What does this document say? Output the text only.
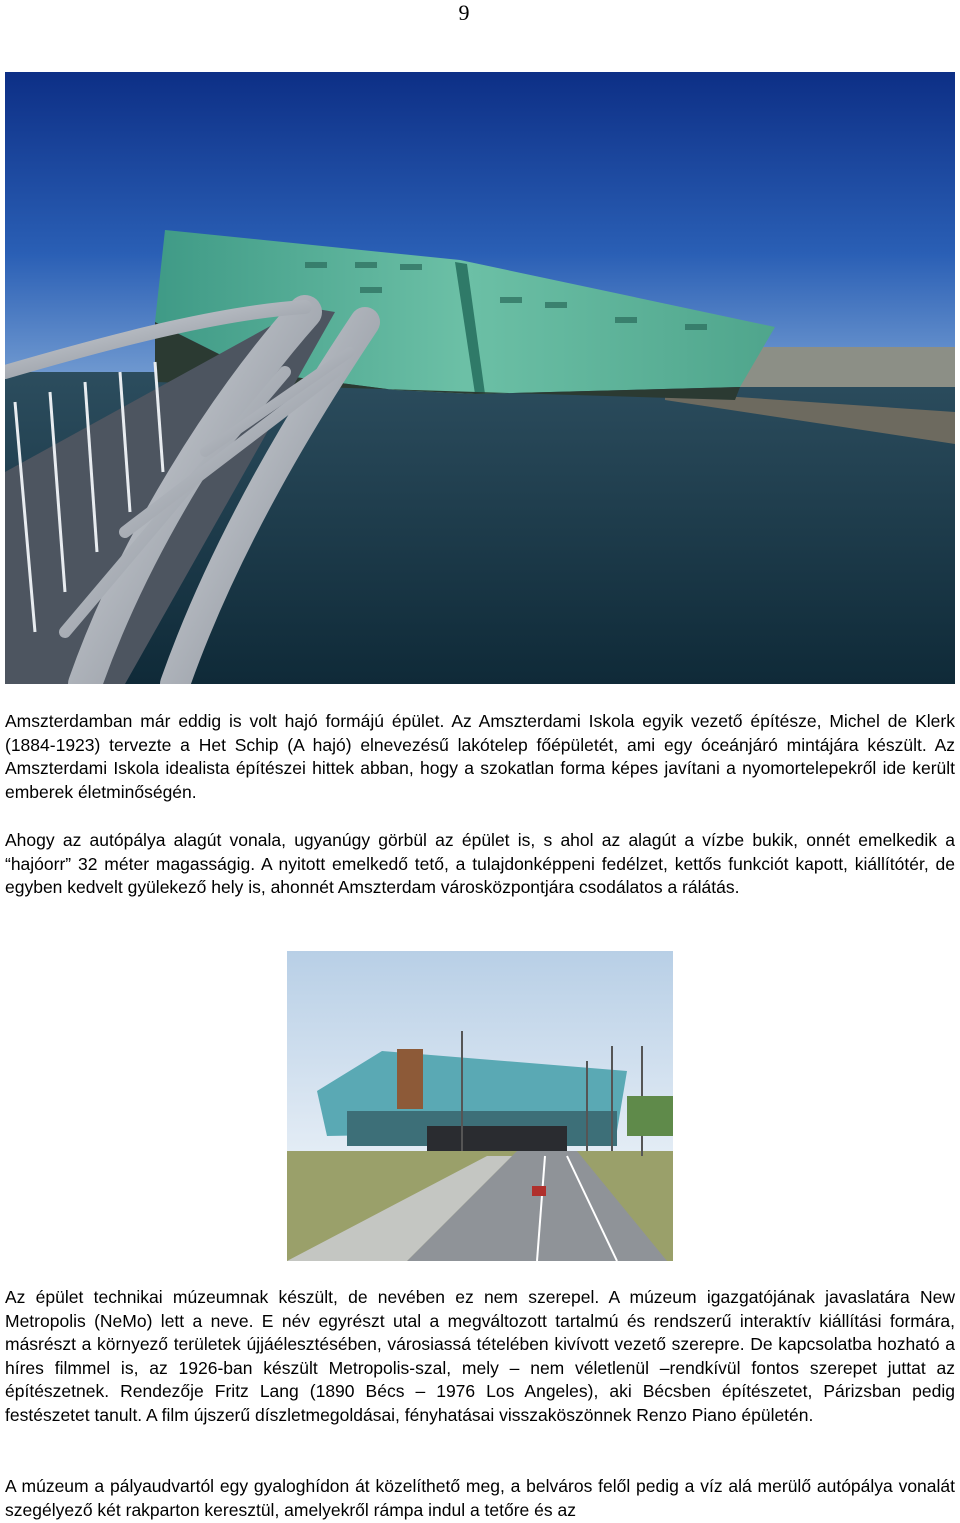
9

Amszterdamban már eddig is volt hajó formájú épület. Az Amszterdami Iskola egyik vezető építésze, Michel de Klerk (1884-1923) tervezte a Het Schip (A hajó) elnevezésű lakótelep főépületét, ami egy óceánjáró mintájára készült. Az Amszterdami Iskola idealista építészei hittek abban, hogy a szokatlan forma képes javítani a nyomortelepekről ide került emberek életminőségén.

Ahogy az autópálya alagút vonala, ugyanúgy görbül az épület is, s ahol az alagút a vízbe bukik, onnét emelkedik a “hajóorr” 32 méter magasságig. A nyitott emelkedő tető, a tulajdonképpeni fedélzet, kettős funkciót kapott, kiállítótér, de egyben kedvelt gyülekező hely is, ahonnét Amszterdam városközpontjára csodálatos a rálátás.

Az épület technikai múzeumnak készült, de nevében ez nem szerepel. A múzeum igazgatójának javaslatára New Metropolis (NeMo) lett a neve. E név egyrészt utal a megváltozott tartalmú és rendszerű interaktív kiállítási formára, másrészt a környező területek újjáélesztésében, városiassá tételében kivívott vezető szerepre. De kapcsolatba hozható a híres filmmel is, az 1926-ban készült Metropolis-szal, mely – nem véletlenül –rendkívül fontos szerepet juttat az építészetnek. Rendezője Fritz Lang (1890 Bécs – 1976 Los Angeles), aki Bécsben építészetet, Párizsban pedig festészetet tanult. A film újszerű díszletmegoldásai, fényhatásai visszaköszönnek Renzo Piano épületén.

A múzeum a pályaudvartól egy gyaloghídon át közelíthető meg, a belváros felől pedig a víz alá merülő autópálya vonalát szegélyező két rakparton keresztül, amelyekről rámpa indul a tetőre és az
